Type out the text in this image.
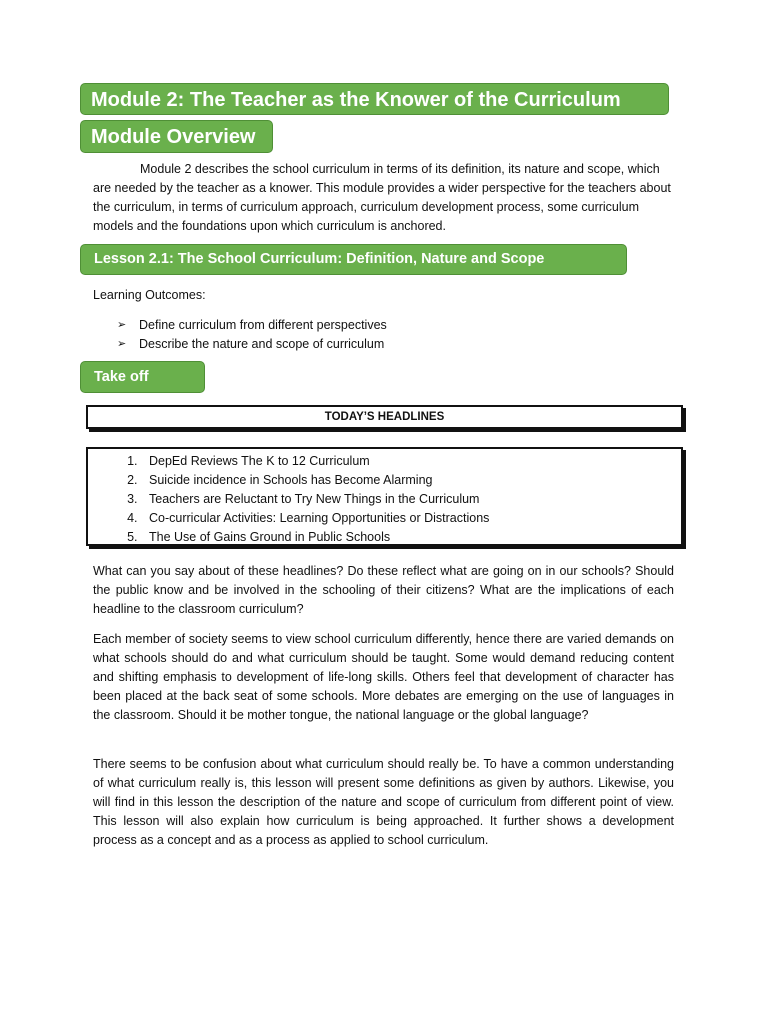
Module 2: The Teacher as the Knower of the Curriculum
Module Overview

Module 2 describes the school curriculum in terms of its definition, its nature and scope, which are needed by the teacher as a knower. This module provides a wider perspective for the teachers about the curriculum, in terms of curriculum approach, curriculum development process, some curriculum models and the foundations upon which curriculum is anchored.

Lesson 2.1: The School Curriculum: Definition, Nature and Scope

Learning Outcomes:

➢	Define curriculum from different perspectives
➢	Describe the nature and scope of curriculum
Take off
TODAY’S HEADLINES
1. DepEd Reviews The K to 12 Curriculum
2. Suicide incidence in Schools has Become Alarming
3. Teachers are Reluctant to Try New Things in the Curriculum
4. Co-curricular Activities: Learning Opportunities or Distractions
5. The Use of Gains Ground in Public Schools

What can you say about of these headlines? Do these reflect what are going on in our schools? Should the public know and be involved in the schooling of their citizens? What are the implications of each headline to the classroom curriculum?

Each member of society seems to view school curriculum differently, hence there are varied demands on what schools should do and what curriculum should be taught. Some would demand reducing content and shifting emphasis to development of life-long skills. Others feel that development of character has been placed at the back seat of some schools. More debates are emerging on the use of languages in the classroom. Should it be mother tongue, the national language or the global language?

There seems to be confusion about what curriculum should really be. To have a common understanding of what curriculum really is, this lesson will present some definitions as given by authors. Likewise, you will find in this lesson the description of the nature and scope of curriculum from different point of view. This lesson will also explain how curriculum is being approached. It further shows a development process as a concept and as a process as applied to school curriculum.
